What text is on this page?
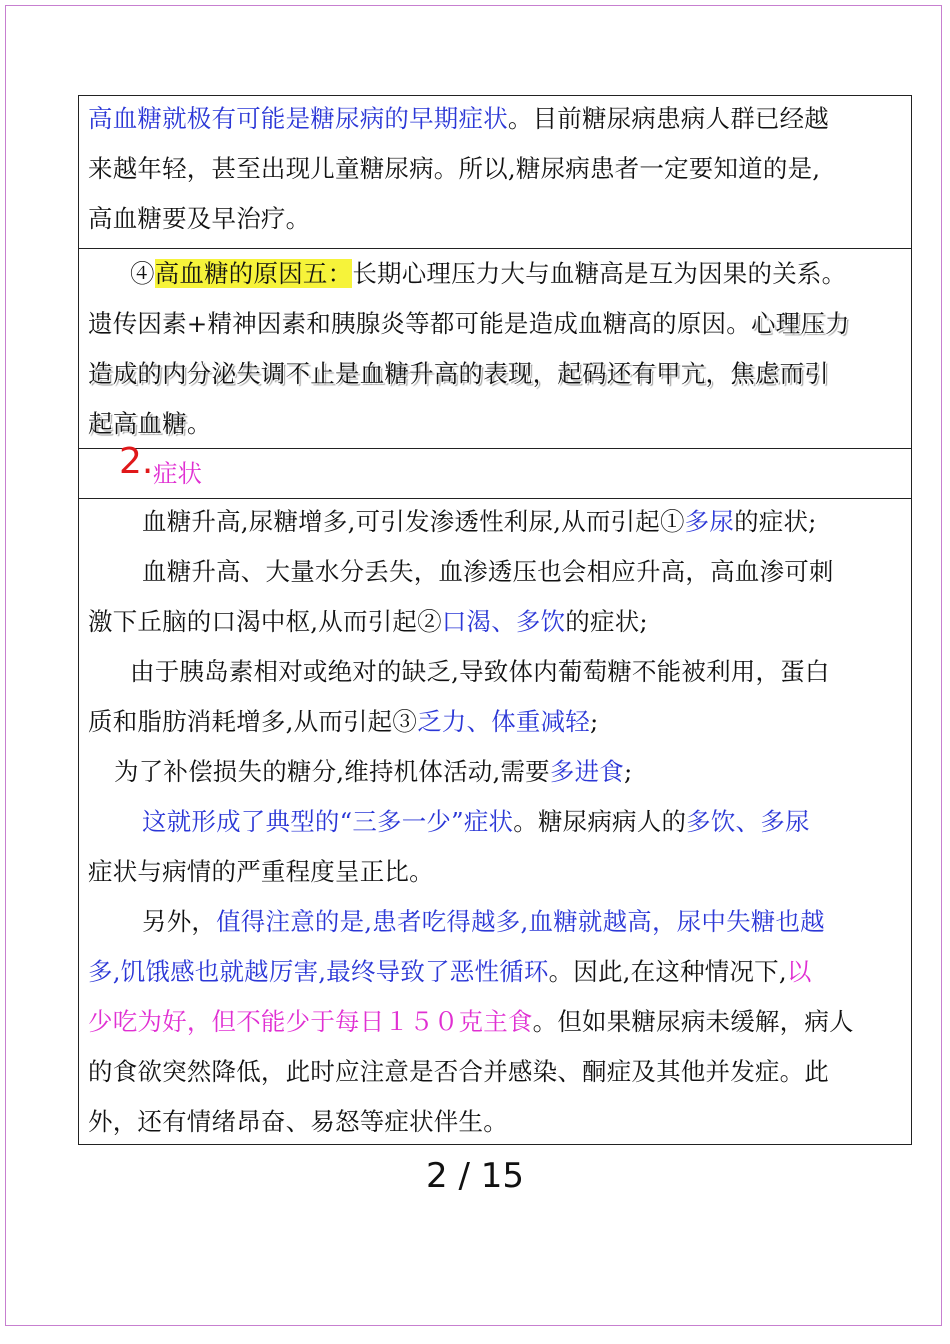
高血糖就极有可能是糖尿病的早期症状。目前糖尿病患病人群已经越
来越年轻，甚至出现儿童糖尿病。所以,糖尿病患者一定要知道的是,
高血糖要及早治疗。
④高血糖的原因五：长期心理压力大与血糖高是互为因果的关系。
遗传因素+精神因素和胰腺炎等都可能是造成血糖高的原因。心理压力
造成的内分泌失调不止是血糖升高的表现，起码还有甲亢，焦虑而引
起高血糖。
2. 症状
血糖升高,尿糖增多,可引发渗透性利尿,从而引起①多尿的症状;
血糖升高、大量水分丢失，血渗透压也会相应升高，高血渗可刺
激下丘脑的口渴中枢,从而引起②口渴、多饮的症状;
由于胰岛素相对或绝对的缺乏,导致体内葡萄糖不能被利用，蛋白
质和脂肪消耗增多,从而引起③乏力、体重减轻;
为了补偿损失的糖分,维持机体活动,需要多进食;
这就形成了典型的“三多一少”症状。糖尿病病人的多饮、多尿
症状与病情的严重程度呈正比。
另外，值得注意的是,患者吃得越多,血糖就越高，尿中失糖也越
多,饥饿感也就越厉害,最终导致了恶性循环。因此,在这种情况下,以
少吃为好，但不能少于每日１５０克主食。但如果糖尿病未缓解，病人
的食欲突然降低，此时应注意是否合并感染、酮症及其他并发症。此
外，还有情绪昂奋、易怒等症状伴生。
2 / 15
